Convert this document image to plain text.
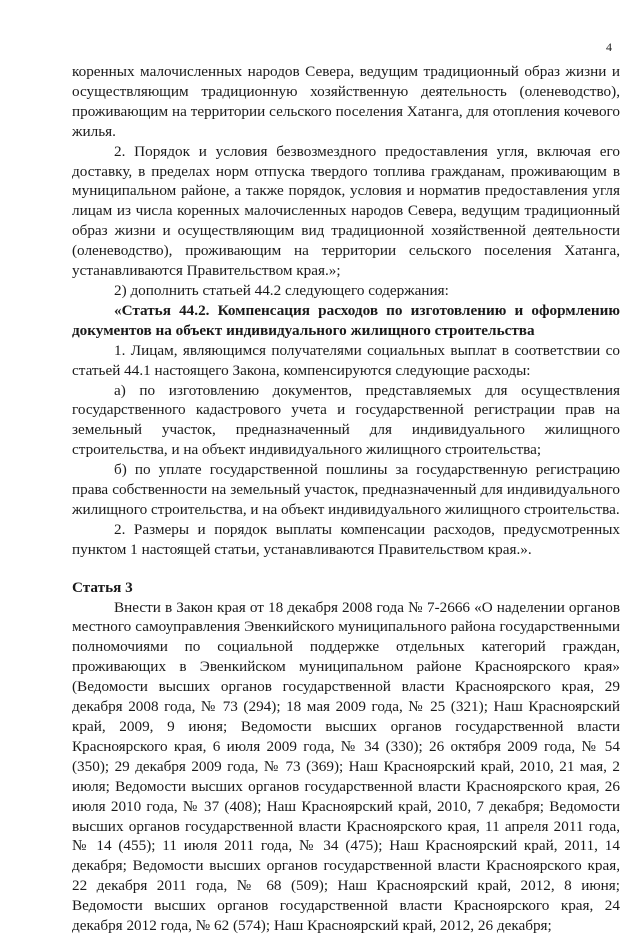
4

коренных малочисленных народов Севера, ведущим традиционный образ жизни и осуществляющим традиционную хозяйственную деятельность (оленеводство), проживающим на территории сельского поселения Хатанга, для отопления кочевого жилья.

2. Порядок и условия безвозмездного предоставления угля, включая его доставку, в пределах норм отпуска твердого топлива гражданам, проживающим в муниципальном районе, а также порядок, условия и норматив предоставления угля лицам из числа коренных малочисленных народов Севера, ведущим традиционный образ жизни и осуществляющим вид традиционной хозяйственной деятельности (оленеводство), проживающим на территории сельского поселения Хатанга, устанавливаются Правительством края.»;

2) дополнить статьей 44.2 следующего содержания:

«Статья 44.2. Компенсация расходов по изготовлению и оформлению документов на объект индивидуального жилищного строительства

1. Лицам, являющимся получателями социальных выплат в соответствии со статьей 44.1 настоящего Закона, компенсируются следующие расходы:

а) по изготовлению документов, представляемых для осуществления государственного кадастрового учета и государственной регистрации прав на земельный участок, предназначенный для индивидуального жилищного строительства, и на объект индивидуального жилищного строительства;

б) по уплате государственной пошлины за государственную регистрацию права собственности на земельный участок, предназначенный для индивидуального жилищного строительства, и на объект индивидуального жилищного строительства.

2. Размеры и порядок выплаты компенсации расходов, предусмотренных пунктом 1 настоящей статьи, устанавливаются Правительством края.».

Статья 3

Внести в Закон края от 18 декабря 2008 года № 7-2666 «О наделении органов местного самоуправления Эвенкийского муниципального района государственными полномочиями по социальной поддержке отдельных категорий граждан, проживающих в Эвенкийском муниципальном районе Красноярского края» (Ведомости высших органов государственной власти Красноярского края, 29 декабря 2008 года, № 73 (294); 18 мая 2009 года, № 25 (321); Наш Красноярский край, 2009, 9 июня; Ведомости высших органов государственной власти Красноярского края, 6 июля 2009 года, № 34 (330); 26 октября 2009 года, № 54 (350); 29 декабря 2009 года, № 73 (369); Наш Красноярский край, 2010, 21 мая, 2 июля; Ведомости высших органов государственной власти Красноярского края, 26 июля 2010 года, № 37 (408); Наш Красноярский край, 2010, 7 декабря; Ведомости высших органов государственной власти Красноярского края, 11 апреля 2011 года, № 14 (455); 11 июля 2011 года, № 34 (475); Наш Красноярский край, 2011, 14 декабря; Ведомости высших органов государственной власти Красноярского края, 22 декабря 2011 года, № 68 (509); Наш Красноярский край, 2012, 8 июня; Ведомости высших органов государственной власти Красноярского края, 24 декабря 2012 года, № 62 (574); Наш Красноярский край, 2012, 26 декабря;
